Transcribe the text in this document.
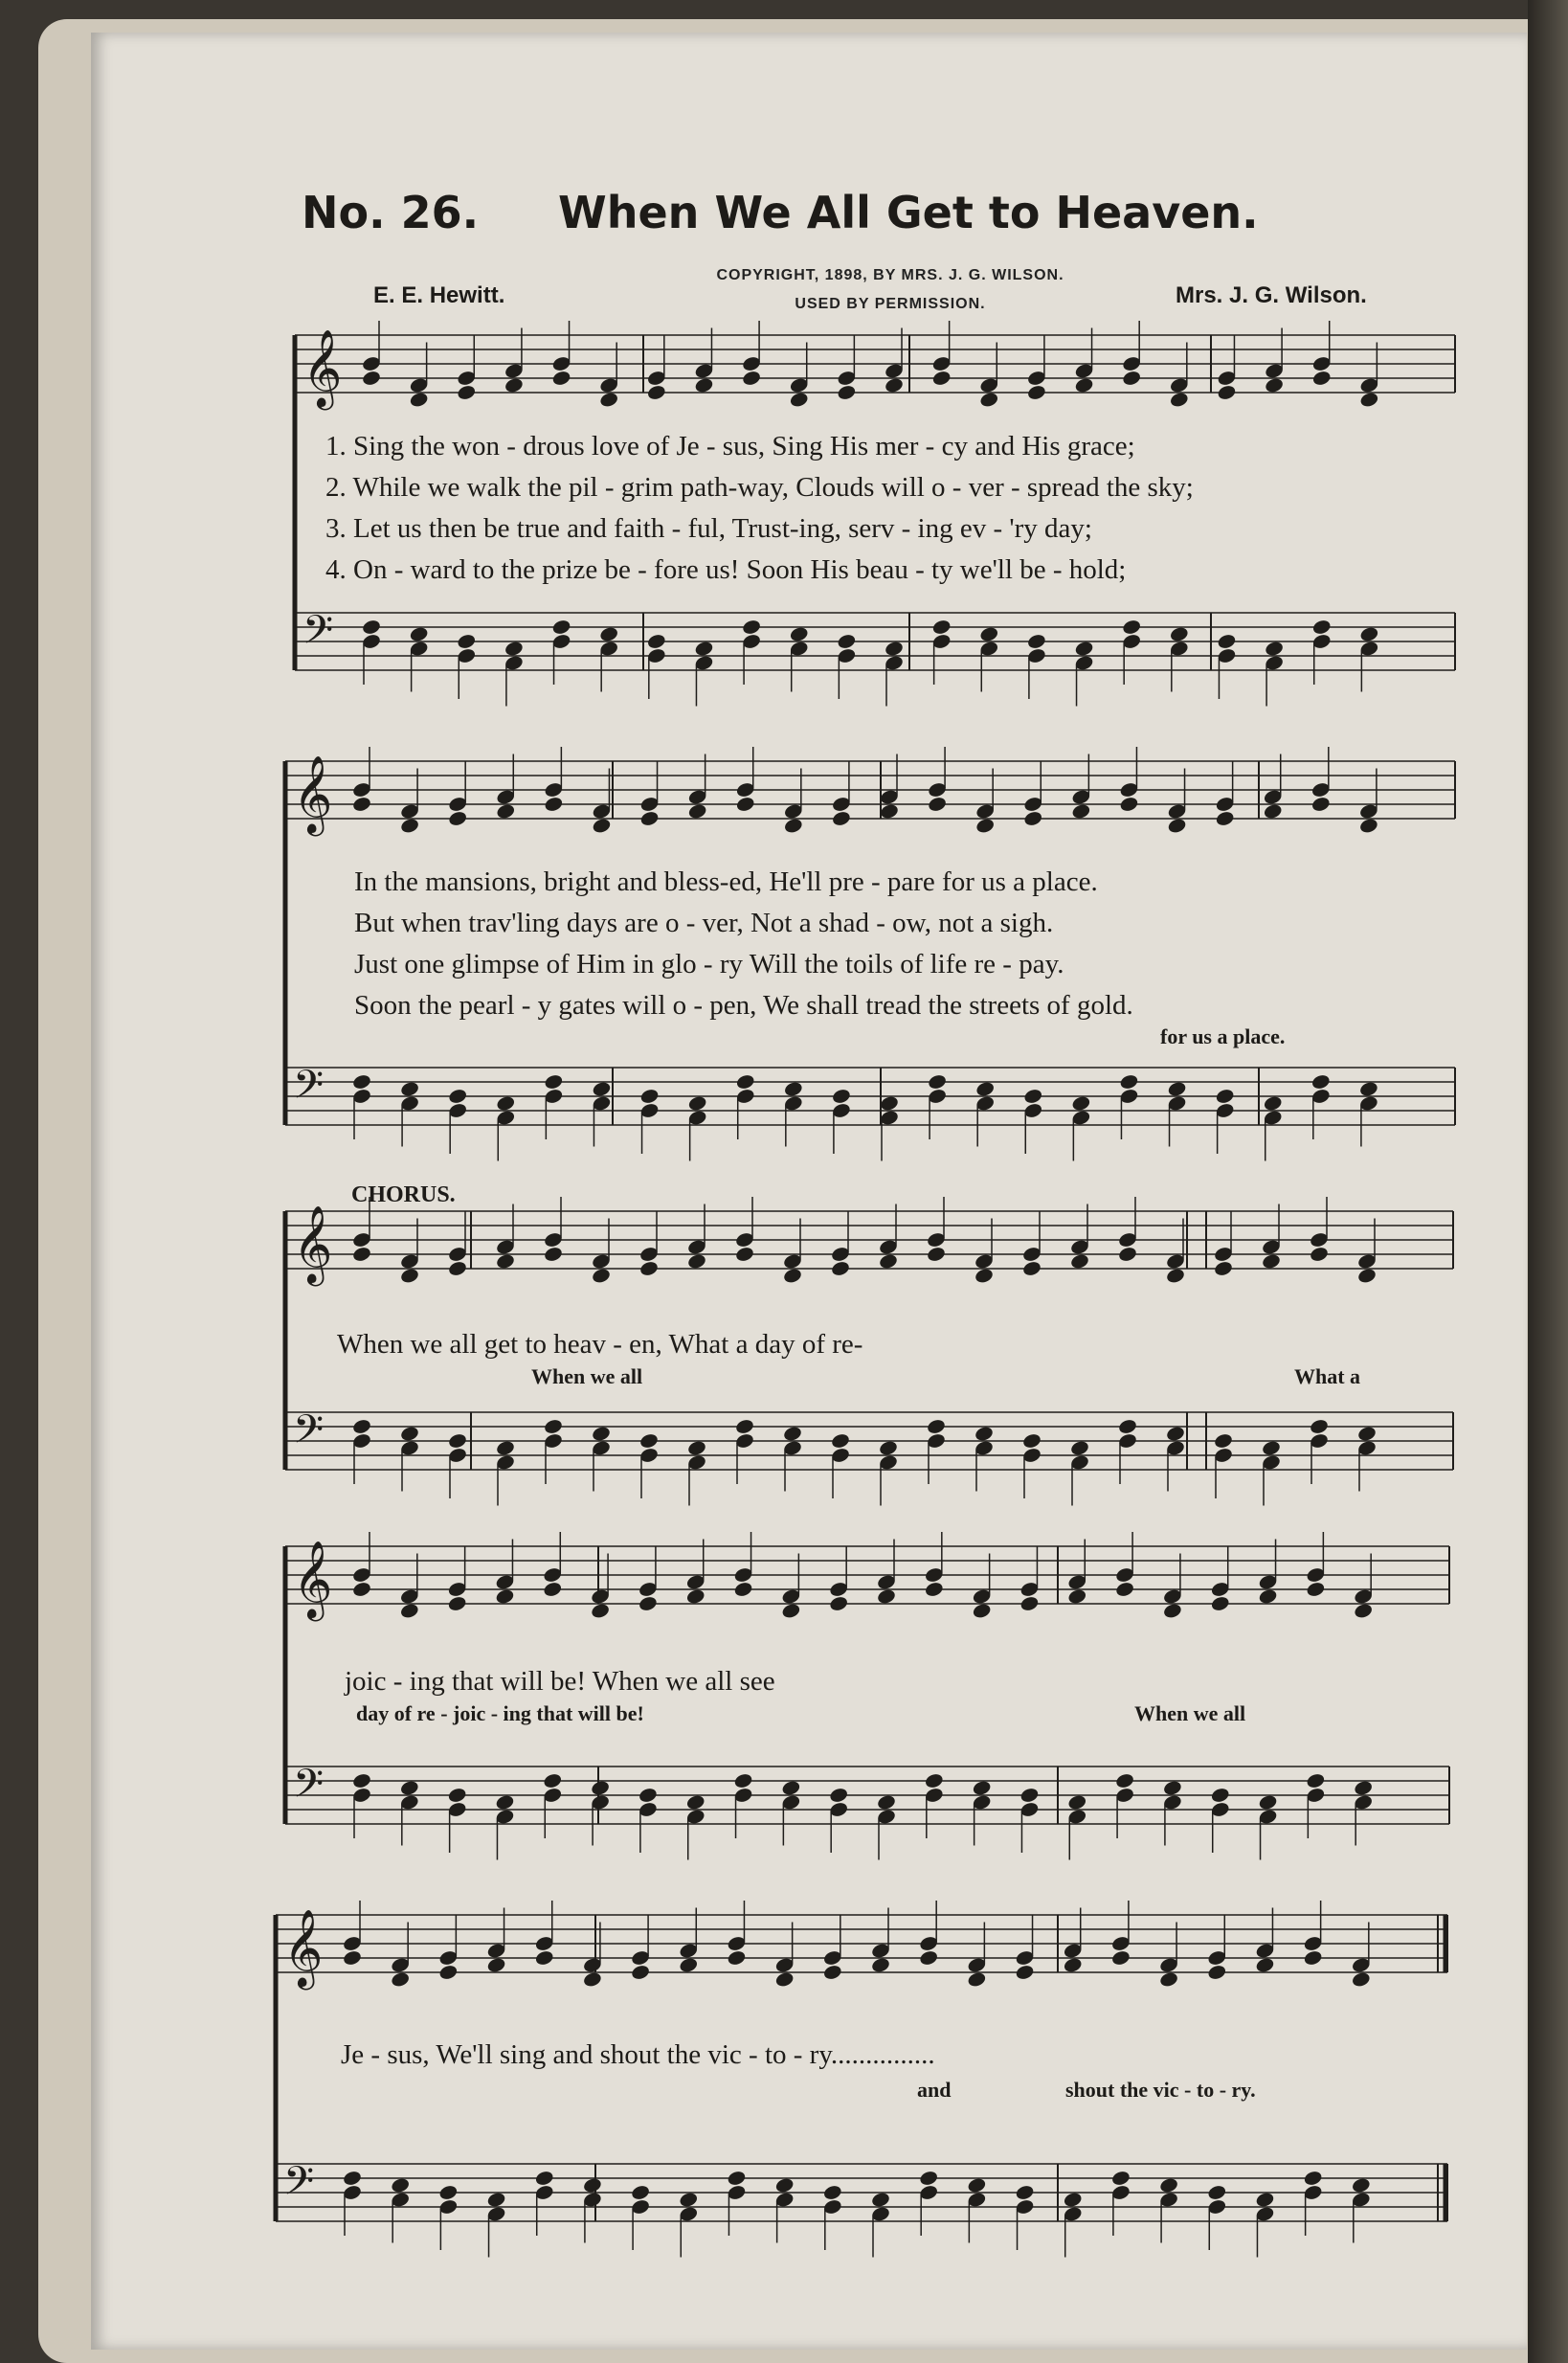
No. 26. When We All Get to Heaven.
E. E. Hewitt.
COPYRIGHT, 1898, BY MRS. J. G. WILSON.
USED BY PERMISSION.	Mrs. J. G. Wilson.
𝄞
𝄢
𝄞
𝄢
𝄞
𝄢
𝄞
𝄢
𝄞
𝄢
1. Sing the won - drous love of Je - sus, Sing His mer - cy and His grace;
2. While we walk the pil - grim path-way, Clouds will o - ver - spread the sky;
3. Let us then be true and faith - ful, Trust-ing, serv - ing ev - 'ry day;
4. On - ward to the prize be - fore us! Soon His beau - ty we'll be - hold;
In the mansions, bright and bless-ed, He'll pre - pare for us a place.
But when trav'ling days are o - ver, Not a shad - ow, not a sigh.
Just one glimpse of Him in glo - ry Will the toils of life re - pay.
Soon the pearl - y gates will o - pen, We shall tread the streets of gold.
for us a place.
CHORUS.
When we all get to heav - en, What a day of re-
When we all	What a
joic - ing that will be! When we all see
day of re - joic - ing that will be!	When we all
Je - sus, We'll sing and shout the vic - to - ry...............
and	shout the vic - to - ry.
